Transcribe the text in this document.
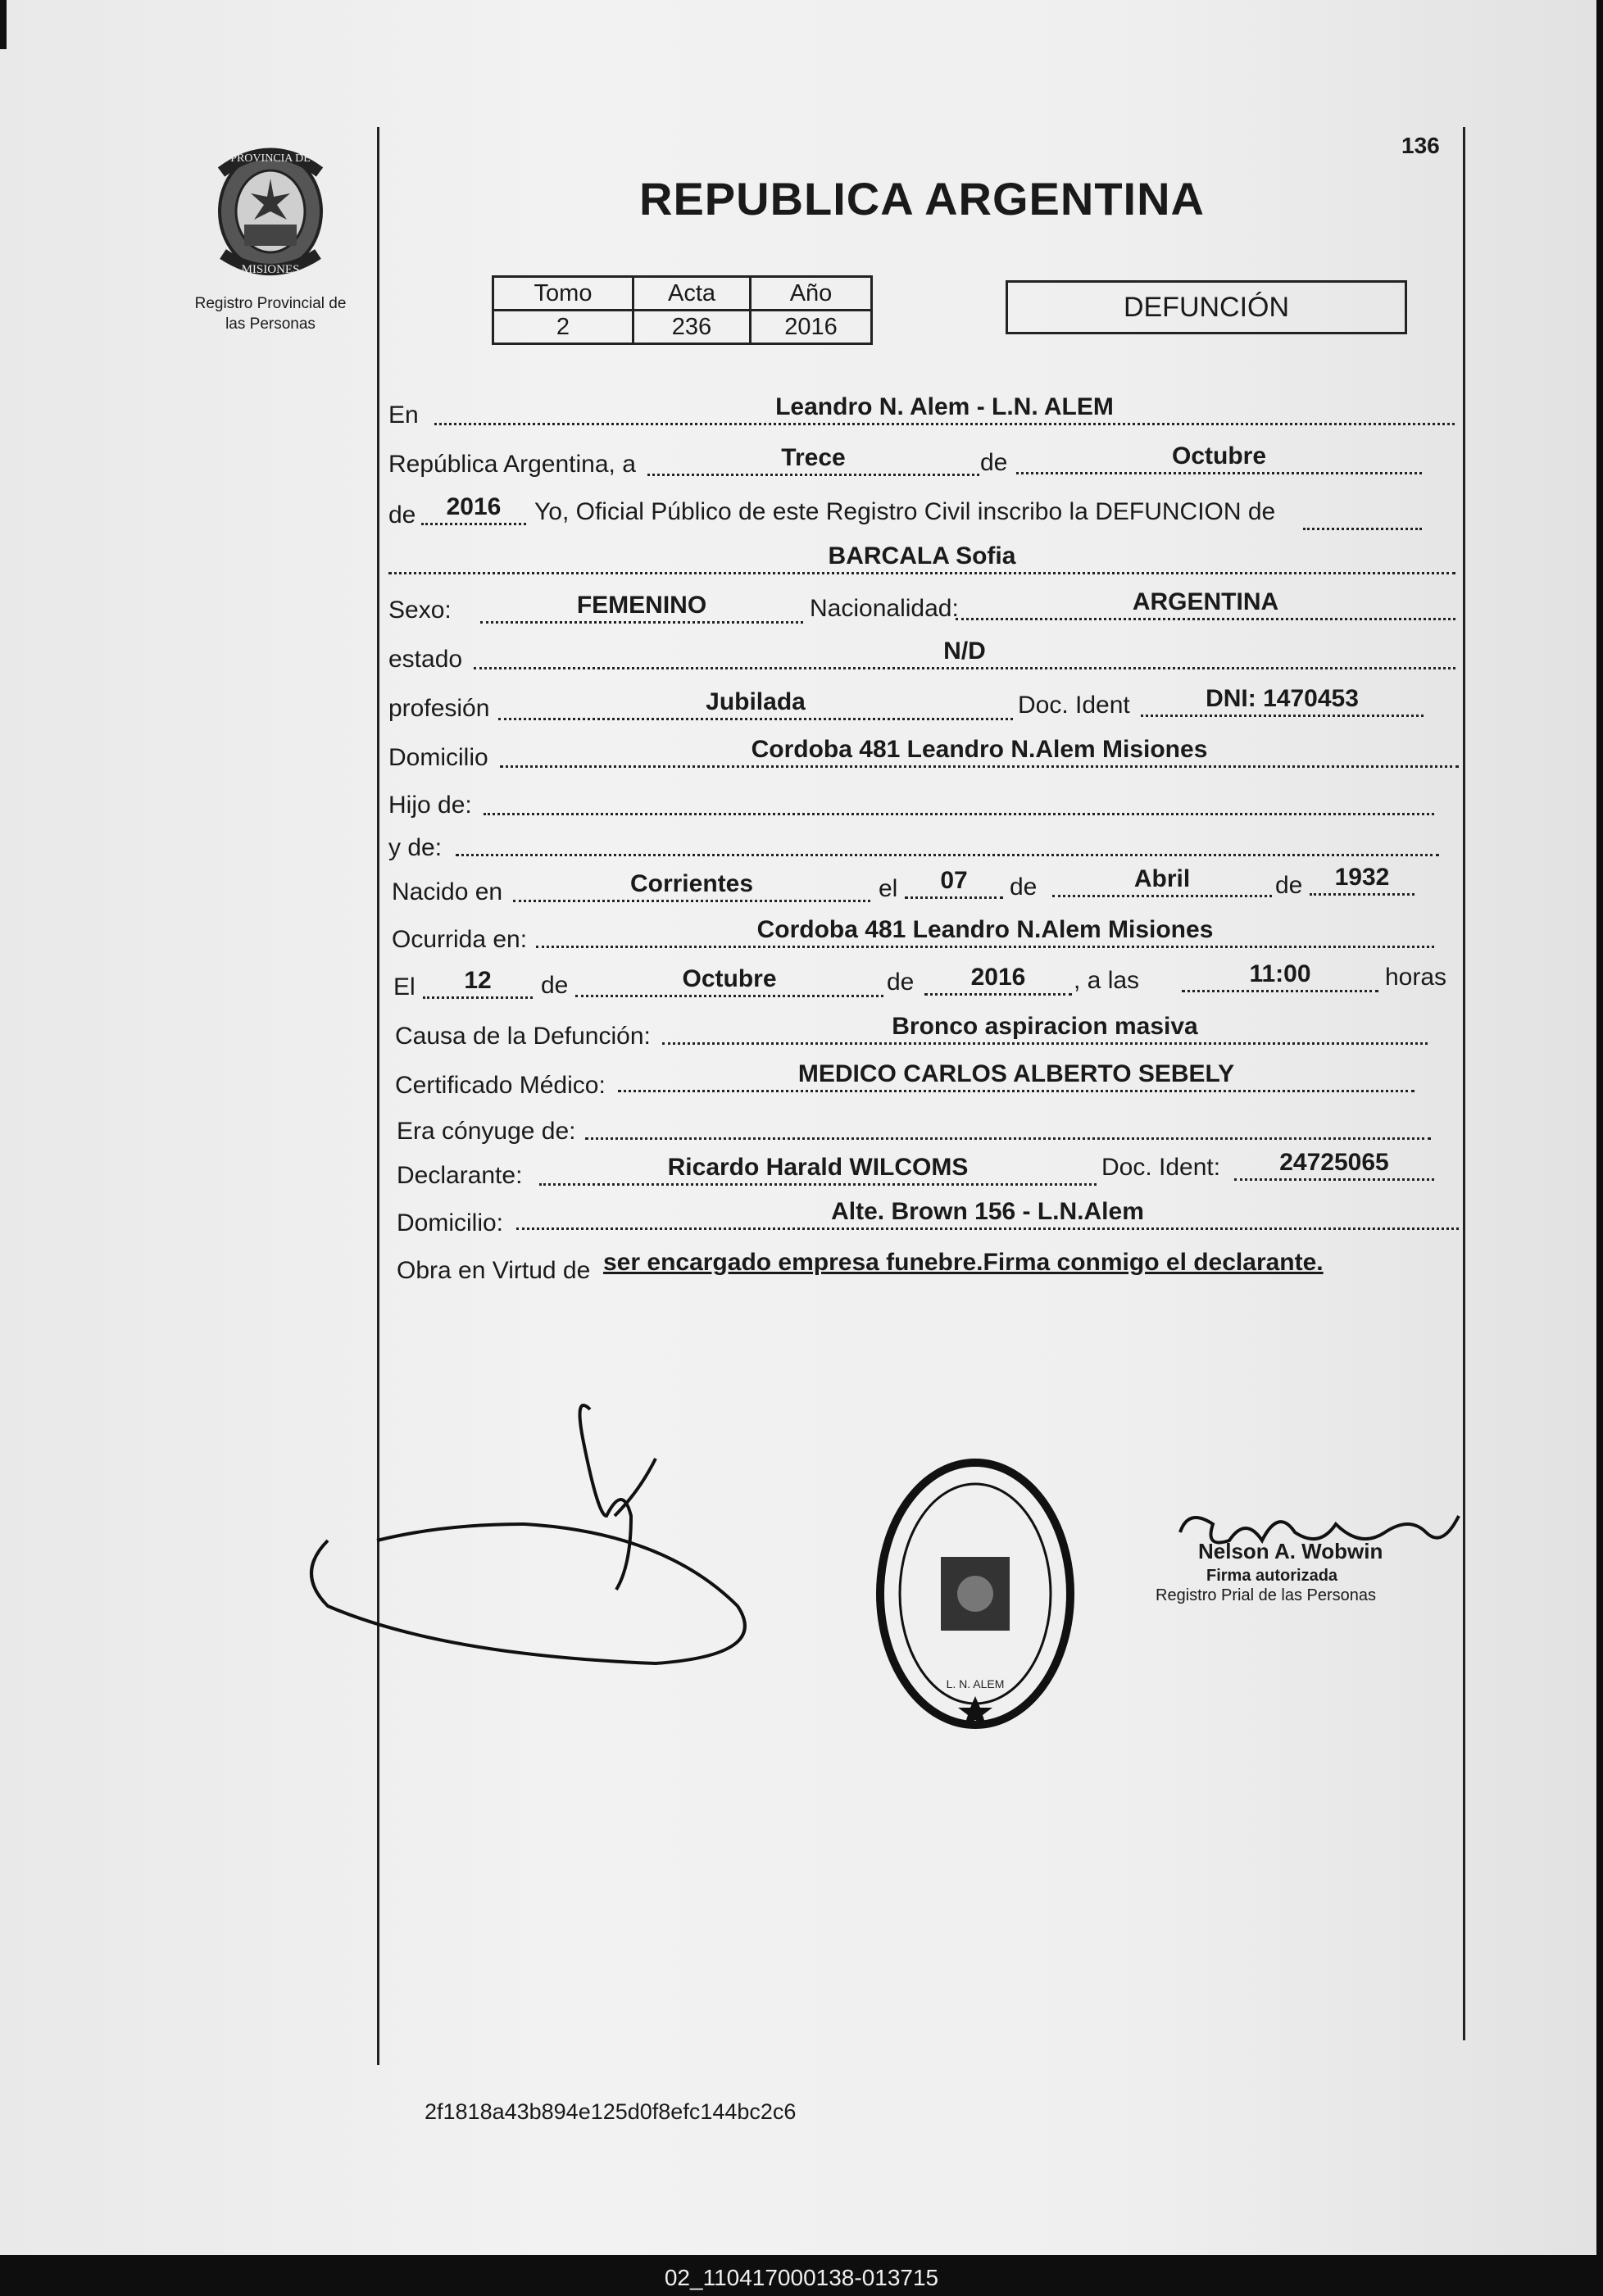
PROVINCIA DE
MISIONES
Registro Provincial de
las Personas
136
REPUBLICA ARGENTINA
Tomo	Acta	Año
2	236	2016
DEFUNCIÓN
En	Leandro N. Alem - L.N. ALEM
República Argentina, a	Trece	de	Octubre
de	2016	Yo, Oficial Público de este Registro Civil inscribo la DEFUNCION de
BARCALA Sofia
Sexo:	FEMENINO	Nacionalidad:	ARGENTINA
estado	N/D
profesión	Jubilada	Doc. Ident	DNI: 1470453
Domicilio	Cordoba 481 Leandro N.Alem Misiones
Hijo de:
y de:
Nacido en	Corrientes	el	07	de	Abril	de	1932
Ocurrida en:	Cordoba 481 Leandro N.Alem Misiones
El	12	de	Octubre	de	2016	, a las	11:00	horas
Causa de la Defunción:	Bronco aspiracion masiva
Certificado Médico:	MEDICO CARLOS ALBERTO SEBELY
Era cónyuge de:
Declarante:	Ricardo Harald WILCOMS	Doc. Ident:	24725065
Domicilio:	Alte. Brown 156 - L.N.Alem
Obra en Virtud de ser encargado empresa funebre.Firma conmigo el declarante.
L. N. ALEM
Nelson A. Wobwin
Firma autorizada
Registro Prial de las Personas
2f1818a43b894e125d0f8efc144bc2c6
02_110417000138-013715
